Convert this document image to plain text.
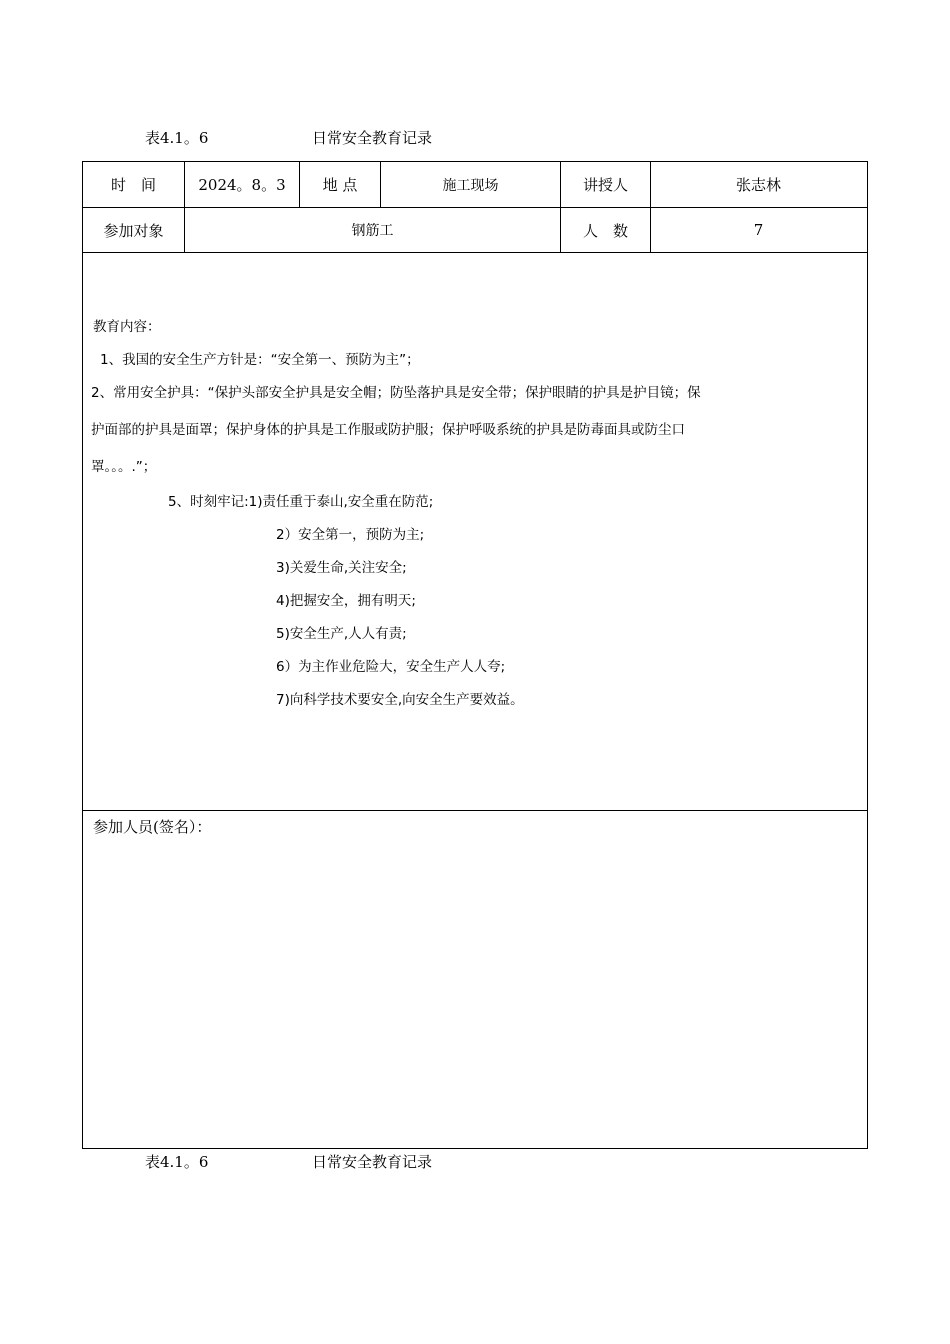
表4.1。6	日常安全教育记录
时　间	2024。8。3	地 点	施工现场	讲授人	张志林
参加对象	钢筋工	人　数	7
教育内容：
1、我国的安全生产方针是：“安全第一、预防为主”；
2、常用安全护具：“保护头部安全护具是安全帽；防坠落护具是安全带；保护眼睛的护具是护目镜；保
护面部的护具是面罩；保护身体的护具是工作服或防护服；保护呼吸系统的护具是防毒面具或防尘口
罩。。。.”；
5、时刻牢记:1)责任重于泰山,安全重在防范;
2）安全第一，预防为主;
3)关爱生命,关注安全;
4)把握安全，拥有明天;
5)安全生产,人人有责;
6）为主作业危险大，安全生产人人夸;
7)向科学技术要安全,向安全生产要效益。
参加人员(签名）：
表4.1。6	日常安全教育记录
